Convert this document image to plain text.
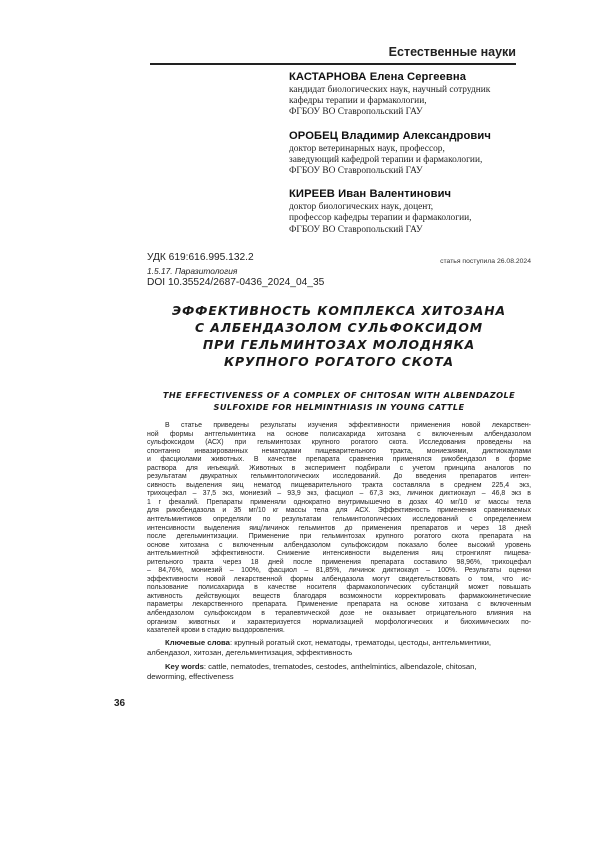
Естественные науки
КАСТАРНОВА Елена Сергеевна
кандидат биологических наук, научный сотрудник
кафедры терапии и фармакологии,
ФГБОУ ВО Ставропольский ГАУ
ОРОБЕЦ Владимир Александрович
доктор ветеринарных наук, профессор,
заведующий кафедрой терапии и фармакологии,
ФГБОУ ВО Ставропольский ГАУ
КИРЕЕВ Иван Валентинович
доктор биологических наук, доцент,
профессор кафедры терапии и фармакологии,
ФГБОУ ВО Ставропольский ГАУ
УДК 619:616.995.132.2	статья поступила 26.08.2024
1.5.17. Паразитология
DOI 10.35524/2687-0436_2024_04_35
ЭФФЕКТИВНОСТЬ КОМПЛЕКСА ХИТОЗАНА
С АЛБЕНДАЗОЛОМ СУЛЬФОКСИДОМ
ПРИ ГЕЛЬМИНТОЗАХ МОЛОДНЯКА
КРУПНОГО РОГАТОГО СКОТА
THE EFFECTIVENESS OF A COMPLEX OF CHITOSAN WITH ALBENDAZOLE
SULFOXIDE FOR HELMINTHIASIS IN YOUNG CATTLE
В статье приведены результаты изучения эффективности применения новой лекарствен-
ной формы антгельминтика на основе полисахарида хитозана с включенным албендазолом
сульфоксидом (АСХ) при гельминтозах крупного рогатого скота. Исследования проведены на
спонтанно инвазированных нематодами пищеварительного тракта, мониезиями, диктиокаулами
и фасциолами животных. В качестве препарата сравнения применялся рикобендазол в форме
раствора для инъекций. Животных в эксперимент подбирали с учетом принципа аналогов по
результатам двукратных гельминтологических исследований. До введения препаратов интен-
сивность выделения яиц нематод пищеварительного тракта составляла в среднем 225,4 экз,
трихоцефал – 37,5 экз, мониезий – 93,9 экз, фасциол – 67,3 экз, личинок диктиокаул – 46,8 экз в
1 г фекалий. Препараты применяли однократно внутримышечно в дозах 40 мг/10 кг массы тела
для рикобендазола и 35 мг/10 кг массы тела для АСХ. Эффективность применения сравниваемых
антгельминтиков определяли по результатам гельминтологических исследований с определением
интенсивности выделения яиц/личинок гельминтов до применения препаратов и через 18 дней
после дегельминтизации. Применение при гельминтозах крупного рогатого скота препарата на
основе хитозана с включенным албендазолом сульфоксидом показало более высокий уровень
антгельминтной эффективности. Снижение интенсивности выделения яиц стронгилят пищева-
рительного тракта через 18 дней после применения препарата составило 98,96%, трихоцефал
– 84,76%, мониезий – 100%, фасциол – 81,85%, личинок диктиокаул – 100%. Результаты оценки
эффективности новой лекарственной формы албендазола могут свидетельствовать о том, что ис-
пользование полисахарида в качестве носителя фармакологических субстанций может повышать
активность действующих веществ благодаря возможности корректировать фармакокинетические
параметры лекарственного препарата. Применение препарата на основе хитозана с включенным
албендазолом сульфоксидом в терапевтической дозе не оказывает отрицательного влияния на
организм животных и характеризуется нормализацией морфологических и биохимических по-
казателей крови в стадию выздоровления.
Ключевые слова: крупный рогатый скот, нематоды, трематоды, цестоды, антгельминтики,
албендазол, хитозан, дегельминтизация, эффективность
Key words: cattle, nematodes, trematodes, cestodes, anthelmintics, albendazole, chitosan,
deworming, effectiveness
36
